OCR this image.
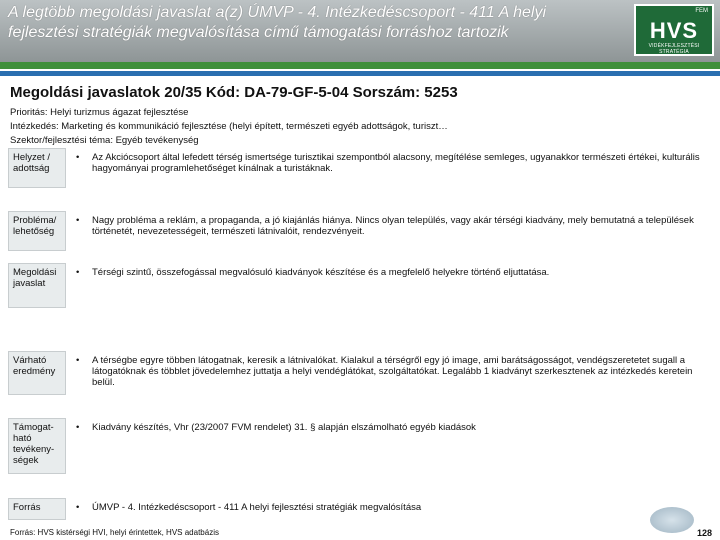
A legtöbb megoldási javaslat a(z) ÚMVP - 4. Intézkedéscsoport - 411 A helyi fejlesztési stratégiák megvalósítása című támogatási forráshoz tartozik
FEM
HVS
VIDÉKFEJLESZTÉSI STRATÉGIA
Megoldási javaslatok 20/35 Kód: DA-79-GF-5-04 Sorszám: 5253
Prioritás: Helyi turizmus ágazat fejlesztése
Intézkedés: Marketing és kommunikáció fejlesztése (helyi épített, természeti egyéb adottságok, turiszt…
Szektor/fejlesztési téma: Egyéb tevékenység
Helyzet / adottság
•	Az Akciócsoport által lefedett térség ismertsége turisztikai szempontból alacsony, megítélése semleges, ugyanakkor természeti értékei, kulturális hagyományai programlehetőséget kínálnak a turistáknak.
Probléma/ lehetőség
•	Nagy probléma a reklám, a propaganda, a jó kiajánlás hiánya. Nincs olyan település, vagy akár térségi kiadvány, mely bemutatná a települések történetét, nevezetességeit, természeti látnivalóit, rendezvényeit.
Megoldási javaslat
•	Térségi szintű, összefogással megvalósuló kiadványok készítése és a megfelelő helyekre történő eljuttatása.
Várható eredmény
•	A térségbe egyre többen látogatnak, keresik a látnivalókat. Kialakul a térségről egy jó image, ami barátságosságot, vendégszeretetet sugall a látogatóknak és többlet jövedelemhez juttatja a helyi vendéglátókat, szolgáltatókat. Legalább 1 kiadványt szerkesztenek az intézkedés keretein belül.
Támogat-ható tevékeny-ségek
•	Kiadvány készítés, Vhr (23/2007 FVM rendelet) 31. § alapján elszámolható egyéb kiadások
Forrás	•	ÚMVP - 4. Intézkedéscsoport - 411 A helyi fejlesztési stratégiák megvalósítása
Forrás: HVS kistérségi HVI, helyi érintettek, HVS adatbázis	128
